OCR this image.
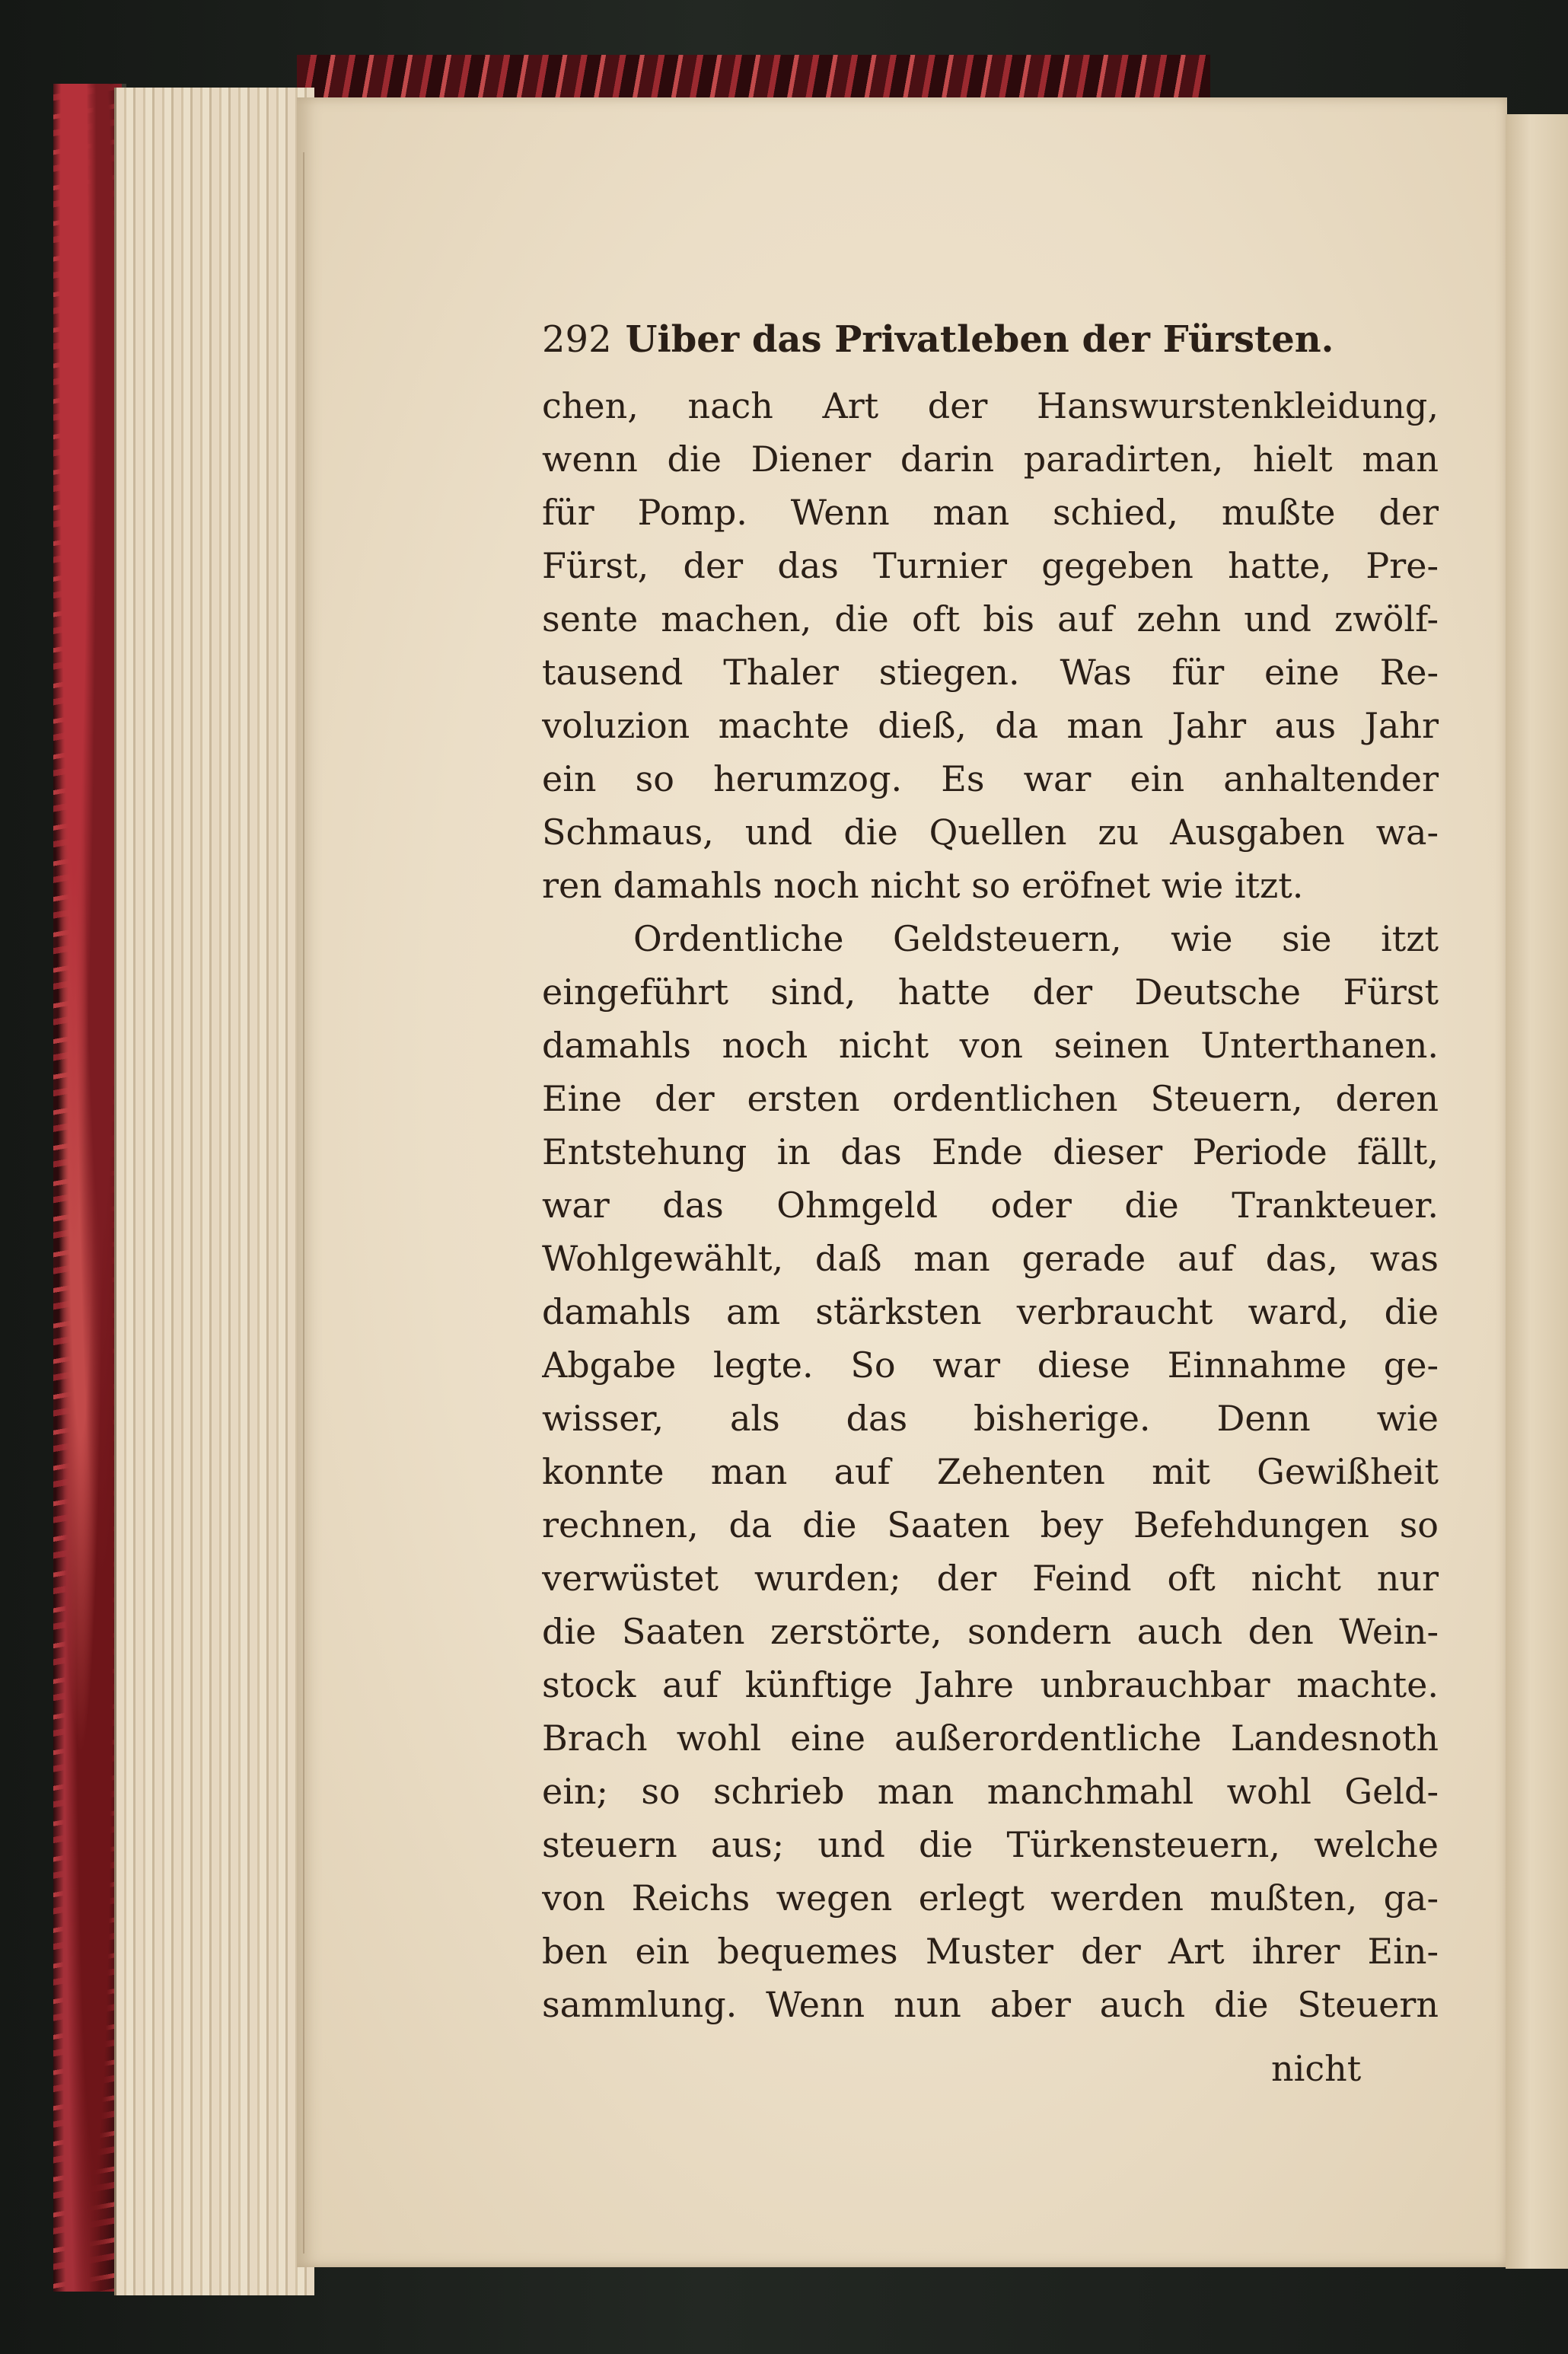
292 Uiber das Privatleben der Fürsten.
chen, nach Art der Hanswurstenkleidung,
wenn die Diener darin paradirten, hielt man
für Pomp. Wenn man schied, mußte der
Fürst, der das Turnier gegeben hatte, Pre-
sente machen, die oft bis auf zehn und zwölf-
tausend Thaler stiegen. Was für eine Re-
voluzion machte dieß, da man Jahr aus Jahr
ein so herumzog. Es war ein anhaltender
Schmaus, und die Quellen zu Ausgaben wa-
ren damahls noch nicht so eröfnet wie itzt.
Ordentliche Geldsteuern, wie sie itzt
eingeführt sind, hatte der Deutsche Fürst
damahls noch nicht von seinen Unterthanen.
Eine der ersten ordentlichen Steuern, deren
Entstehung in das Ende dieser Periode fällt,
war das Ohmgeld oder die Trankteuer.
Wohlgewählt, daß man gerade auf das, was
damahls am stärksten verbraucht ward, die
Abgabe legte. So war diese Einnahme ge-
wisser, als das bisherige. Denn wie
konnte man auf Zehenten mit Gewißheit
rechnen, da die Saaten bey Befehdungen so
verwüstet wurden; der Feind oft nicht nur
die Saaten zerstörte, sondern auch den Wein-
stock auf künftige Jahre unbrauchbar machte.
Brach wohl eine außerordentliche Landesnoth
ein; so schrieb man manchmahl wohl Geld-
steuern aus; und die Türkensteuern, welche
von Reichs wegen erlegt werden mußten, ga-
ben ein bequemes Muster der Art ihrer Ein-
sammlung. Wenn nun aber auch die Steuern
nicht
